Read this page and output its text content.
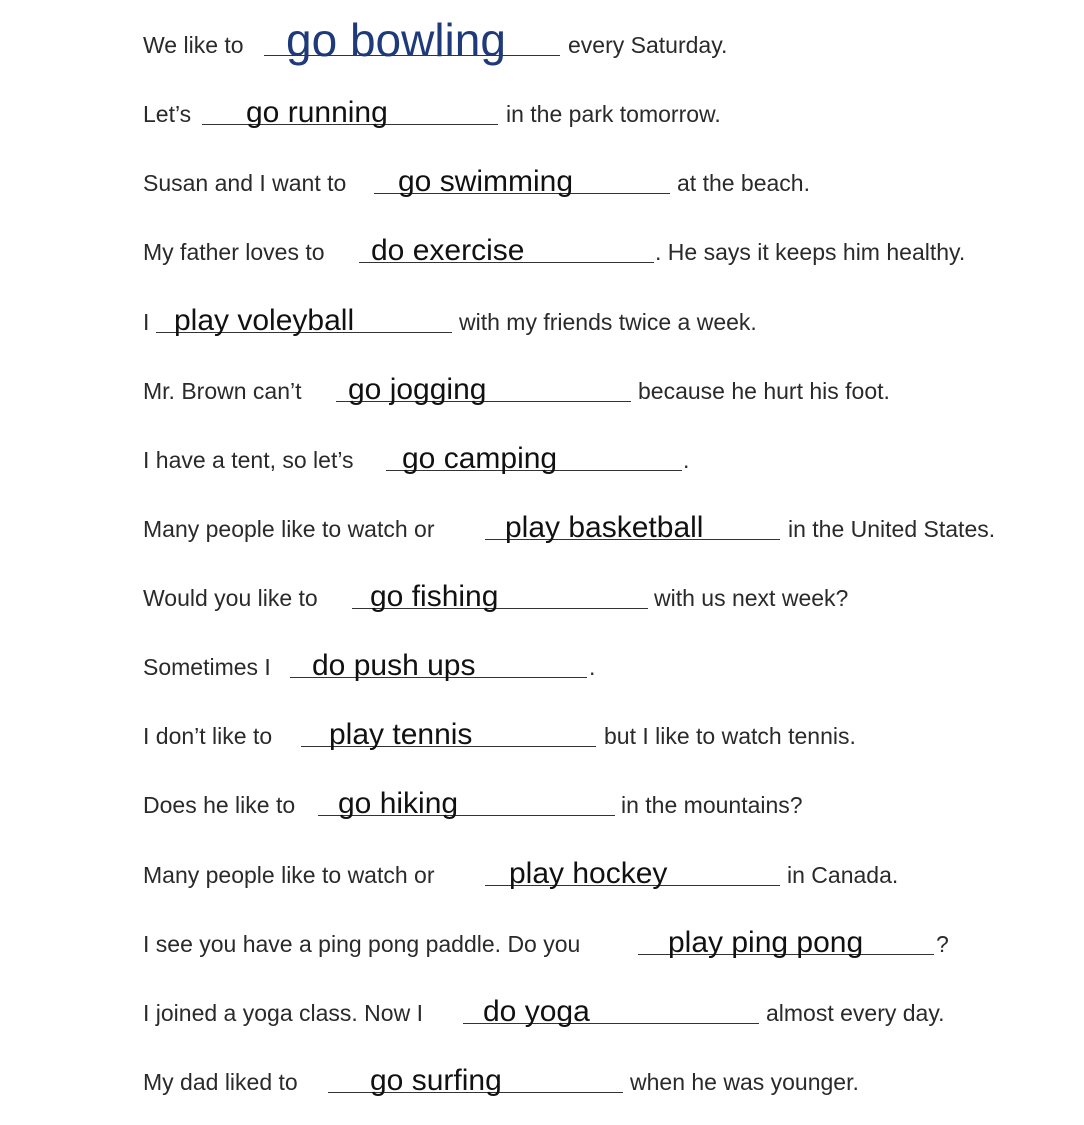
We like to go bowling	every Saturday.
Let’s go running	in the park tomorrow.
Susan and I want to go swimming	at the beach.
My father loves to do exercise	. He says it keeps him healthy.
I play voleyball	with my friends twice a week.
Mr. Brown can’t go jogging	because he hurt his foot.
I have a tent, so let’s go camping	.
Many people like to watch or play basketball	in the United States.
Would you like to go fishing	with us next week?
Sometimes I do push ups	.
I don’t like to play tennis	but I like to watch tennis.
Does he like to go hiking	in the mountains?
Many people like to watch or play hockey	in Canada.
I see you have a ping pong paddle. Do you	play ping pong	?
I joined a yoga class. Now I do yoga	almost every day.
My dad liked to go surfing	when he was younger.
